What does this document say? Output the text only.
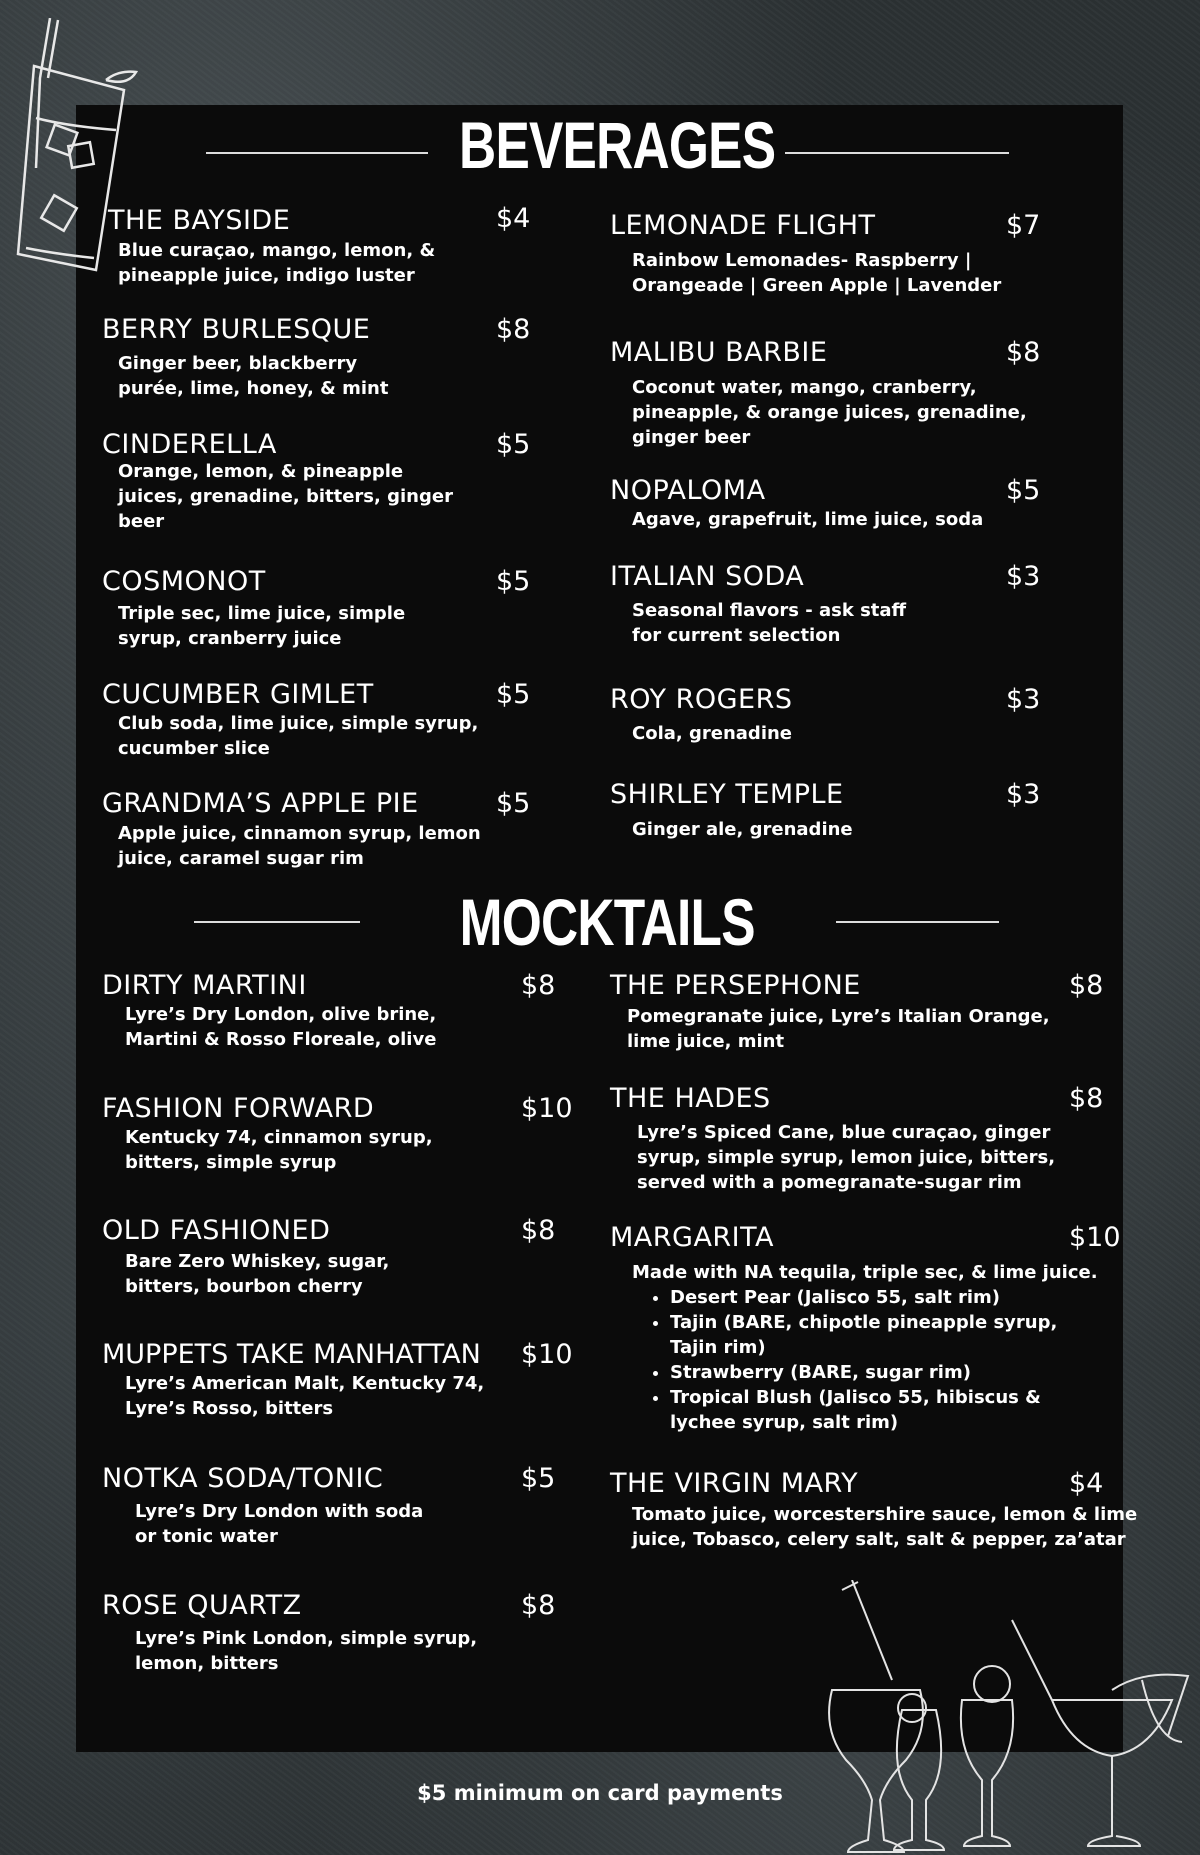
BEVERAGES
MOCKTAILS
THE BAYSIDE	$4
Blue curaçao, mango, lemon, &
pineapple juice, indigo luster
BERRY BURLESQUE	$8
Ginger beer, blackberry
purée, lime, honey, & mint
CINDERELLA	$5
Orange, lemon, & pineapple
juices, grenadine, bitters, ginger
beer
COSMONOT	$5
Triple sec, lime juice, simple
syrup, cranberry juice
CUCUMBER GIMLET	$5
Club soda, lime juice, simple syrup,
cucumber slice
GRANDMA’S APPLE PIE	$5
Apple juice, cinnamon syrup, lemon
juice, caramel sugar rim
LEMONADE FLIGHT	$7
Rainbow Lemonades- Raspberry |
Orangeade | Green Apple | Lavender
MALIBU BARBIE	$8
Coconut water, mango, cranberry,
pineapple, & orange juices, grenadine,
ginger beer
NOPALOMA	$5
Agave, grapefruit, lime juice, soda
ITALIAN SODA	$3
Seasonal flavors - ask staff
for current selection
ROY ROGERS	$3
Cola, grenadine
SHIRLEY TEMPLE	$3
Ginger ale, grenadine
DIRTY MARTINI	$8
Lyre’s Dry London, olive brine,
Martini & Rosso Floreale, olive
FASHION FORWARD	$10
Kentucky 74, cinnamon syrup,
bitters, simple syrup
OLD FASHIONED	$8
Bare Zero Whiskey, sugar,
bitters, bourbon cherry
MUPPETS TAKE MANHATTAN $10
Lyre’s American Malt, Kentucky 74,
Lyre’s Rosso, bitters
NOTKA SODA/TONIC	$5
Lyre’s Dry London with soda
or tonic water
ROSE QUARTZ	$8
Lyre’s Pink London, simple syrup,
lemon, bitters
THE PERSEPHONE	$8
Pomegranate juice, Lyre’s Italian Orange,
lime juice, mint
THE HADES	$8
Lyre’s Spiced Cane, blue curaçao, ginger
syrup, simple syrup, lemon juice, bitters,
served with a pomegranate-sugar rim
MARGARITA	$10
Made with NA tequila, triple sec, & lime juice.
• Desert Pear (Jalisco 55, salt rim)
• Tajin (BARE, chipotle pineapple syrup,
Tajin rim)
• Strawberry (BARE, sugar rim)
• Tropical Blush (Jalisco 55, hibiscus &
lychee syrup, salt rim)
THE VIRGIN MARY	$4
Tomato juice, worcestershire sauce, lemon & lime
juice, Tobasco, celery salt, salt & pepper, za’atar
$5 minimum on card payments
